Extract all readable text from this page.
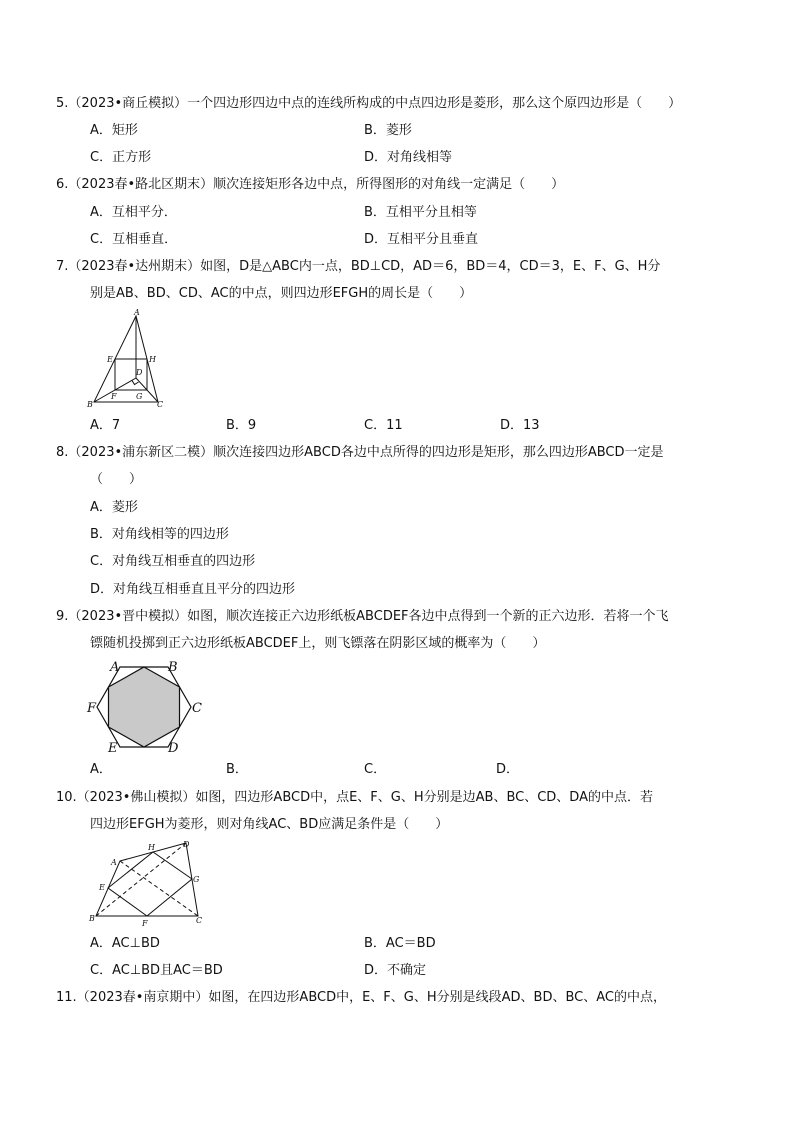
5.（2023•商丘模拟）一个四边形四边中点的连线所构成的中点四边形是菱形，那么这个原四边形是（　　）
A．矩形	B．菱形
C．正方形	D．对角线相等
6.（2023春•路北区期末）顺次连接矩形各边中点，所得图形的对角线一定满足（　　）
A．互相平分．	B．互相平分且相等
C．互相垂直．	D．互相平分且垂直
7.（2023春•达州期末）如图，D是△ABC内一点，BD⊥CD，AD＝6，BD＝4，CD＝3，E、F、G、H分
别是AB、BD、CD、AC的中点，则四边形EFGH的周长是（　　）
A
E	H
D
B
F G
C
A．7	B．9	C．11	D．13
8.（2023•浦东新区二模）顺次连接四边形ABCD各边中点所得的四边形是矩形，那么四边形ABCD一定是
（　　）
A．菱形
B．对角线相等的四边形
C．对角线互相垂直的四边形
D．对角线互相垂直且平分的四边形
9.（2023•晋中模拟）如图，顺次连接正六边形纸板ABCDEF各边中点得到一个新的正六边形．若将一个飞
镖随机投掷到正六边形纸板ABCDEF上，则飞镖落在阴影区域的概率为（　　）
A	B
F	C
E	D
A．	B．	C．	D．
10.（2023•佛山模拟）如图，四边形ABCD中，点E、F、G、H分别是边AB、BC、CD、DA的中点．若
四边形EFGH为菱形，则对角线AC、BD应满足条件是（　　）
A
H	D
E
G
B
F	C
A．AC⊥BD	B．AC＝BD
C．AC⊥BD且AC＝BD	D．不确定
11.（2023春•南京期中）如图，在四边形ABCD中，E、F、G、H分别是线段AD、BD、BC、AC的中点，
